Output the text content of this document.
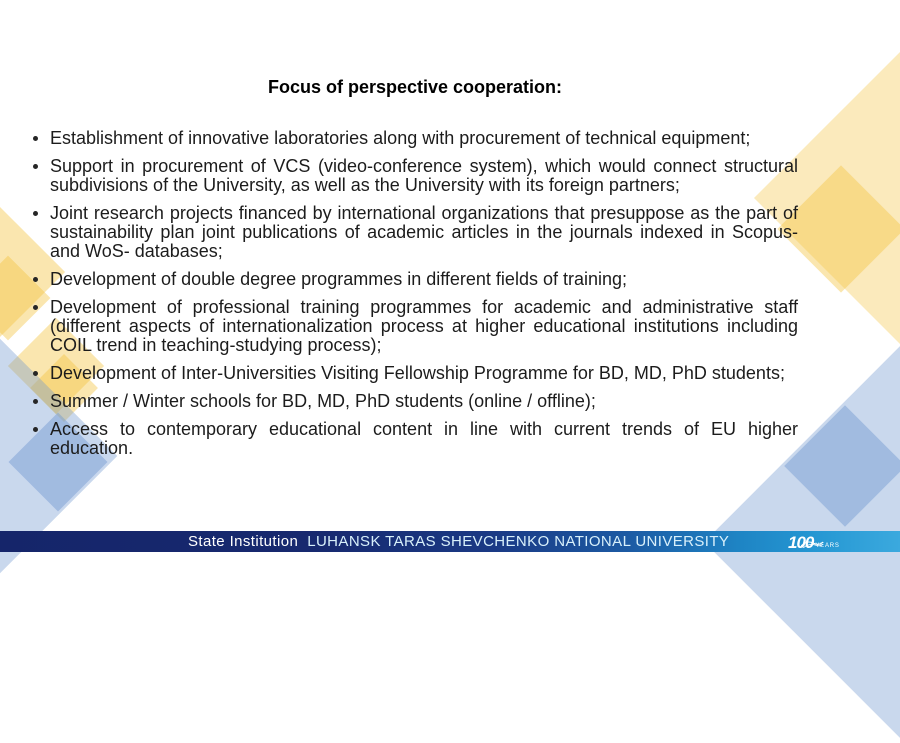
Focus of perspective cooperation:
Establishment of innovative laboratories along with procurement of technical equipment;
Support in procurement of VCS (video-conference system), which would connect structural subdivisions of the University, as well as the University with its foreign partners;
Joint research projects financed by international organizations that presuppose as the part of sustainability plan joint publications of academic articles in the journals indexed in Scopus- and WoS- databases;
Development of double degree programmes in different fields of training;
Development of professional training programmes for academic and administrative staff (different aspects of internationalization process at higher educational institutions including COIL trend in teaching-studying process);
Development of Inter-Universities Visiting Fellowship Programme for BD, MD, PhD students;
Summer / Winter schools for BD, MD, PhD students (online / offline);
Access to contemporary educational content in line with current trends of EU higher education.
State Institution LUHANSK TARAS SHEVCHENKO NATIONAL UNIVERSITY	100 YEARS
